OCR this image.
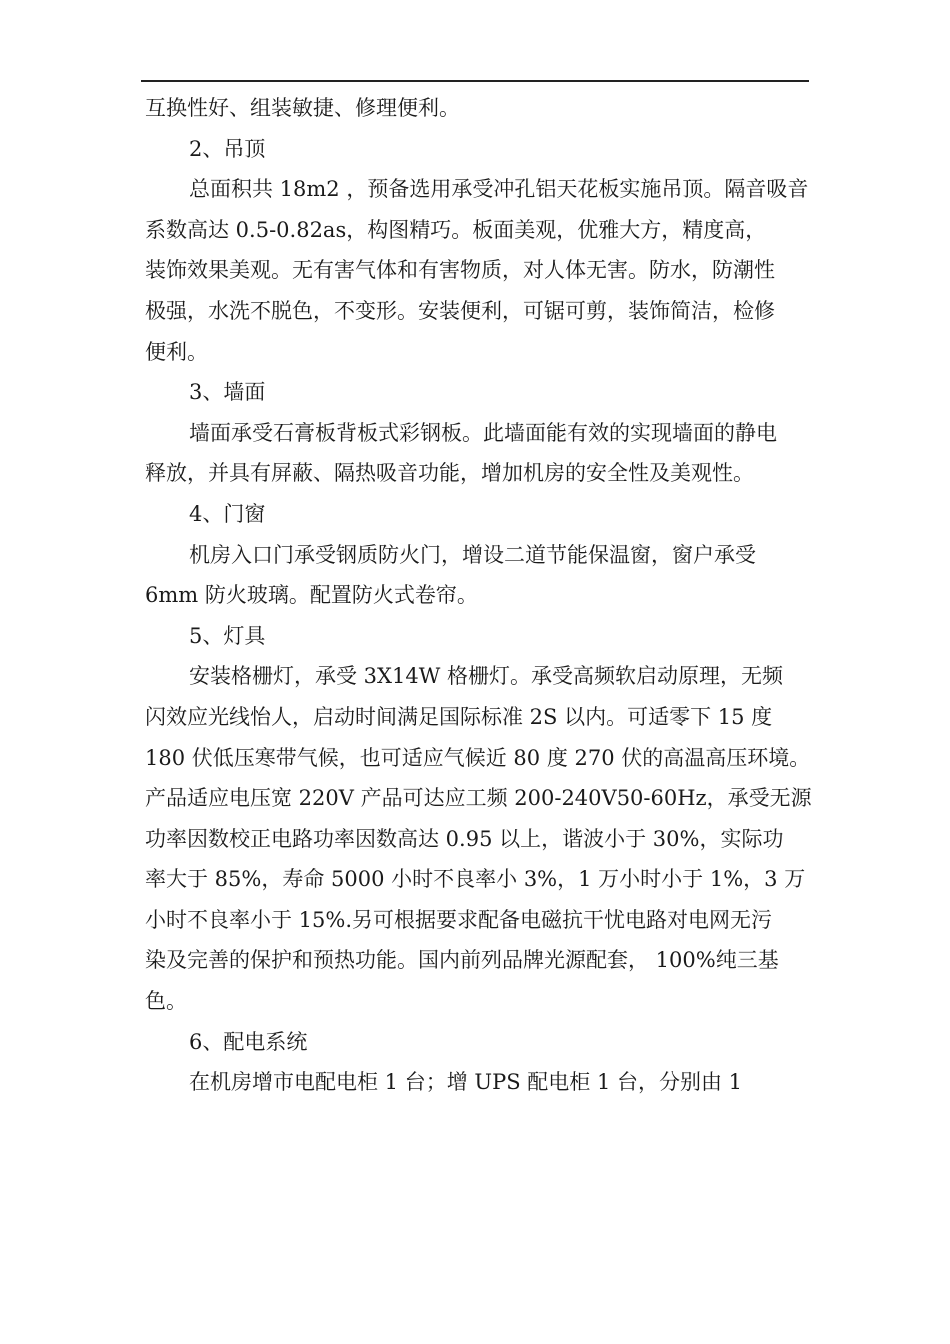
互换性好、组装敏捷、修理便利。
2、吊顶
总面积共 18m2 ，预备选用承受冲孔铝天花板实施吊顶。隔音吸音
系数高达 0.5-0.82as，构图精巧。板面美观，优雅大方，精度高，
装饰效果美观。无有害气体和有害物质，对人体无害。防水，防潮性
极强，水洗不脱色，不变形。安装便利，可锯可剪，装饰简洁，检修
便利。
3、墙面
墙面承受石膏板背板式彩钢板。此墙面能有效的实现墙面的静电
释放，并具有屏蔽、隔热吸音功能，增加机房的安全性及美观性。
4、门窗
机房入口门承受钢质防火门，增设二道节能保温窗，窗户承受
6mm 防火玻璃。配置防火式卷帘。
5、灯具
安装格栅灯，承受 3X14W 格栅灯。承受高频软启动原理，无频
闪效应光线怡人，启动时间满足国际标准 2S 以内。可适零下 15 度
180 伏低压寒带气候，也可适应气候近 80 度 270 伏的高温高压环境。
产品适应电压宽 220V 产品可达应工频 200-240V50-60Hz，承受无源
功率因数校正电路功率因数高达 0.95 以上，谐波小于 30%，实际功
率大于 85%，寿命 5000 小时不良率小 3%，1 万小时小于 1%，3 万
小时不良率小于 15%.另可根据要求配备电磁抗干忧电路对电网无污
染及完善的保护和预热功能。国内前列品牌光源配套， 100%纯三基
色。
6、配电系统
在机房增市电配电柜 1 台；增 UPS 配电柜 1 台，分别由 1
